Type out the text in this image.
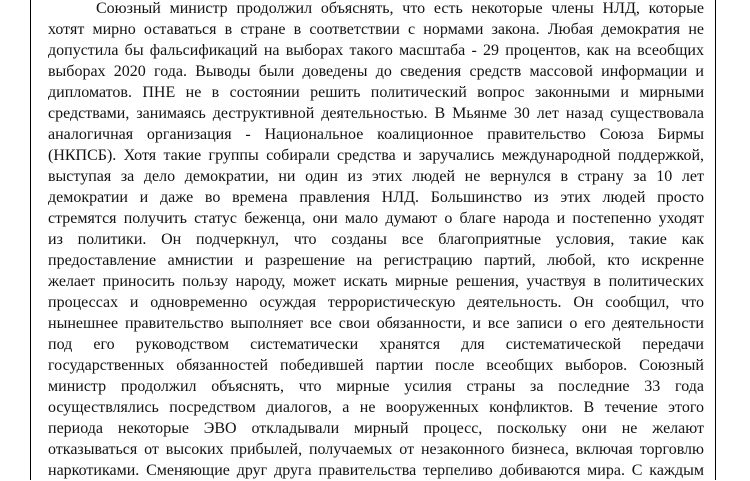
Союзный министр продолжил объяснять, что есть некоторые члены НЛД, которые
хотят мирно оставаться в стране в соответствии с нормами закона. Любая демократия не
допустила бы фальсификаций на выборах такого масштаба - 29 процентов, как на всеобщих
выборах 2020 года. Выводы были доведены до сведения средств массовой информации и
дипломатов. ПНЕ не в состоянии решить политический вопрос законными и мирными
средствами, занимаясь деструктивной деятельностью. В Мьянме 30 лет назад существовала
аналогичная организация - Национальное коалиционное правительство Союза Бирмы
(НКПСБ). Хотя такие группы собирали средства и заручались международной поддержкой,
выступая за дело демократии, ни один из этих людей не вернулся в страну за 10 лет
демократии и даже во времена правления НЛД. Большинство из этих людей просто
стремятся получить статус беженца, они мало думают о благе народа и постепенно уходят
из политики. Он подчеркнул, что созданы все благоприятные условия, такие как
предоставление амнистии и разрешение на регистрацию партий, любой, кто искренне
желает приносить пользу народу, может искать мирные решения, участвуя в политических
процессах и одновременно осуждая террористическую деятельность. Он сообщил, что
нынешнее правительство выполняет все свои обязанности, и все записи о его деятельности
под его руководством систематически хранятся для систематической передачи
государственных обязанностей победившей партии после всеобщих выборов. Союзный
министр продолжил объяснять, что мирные усилия страны за последние 33 года
осуществлялись посредством диалогов, а не вооруженных конфликтов. В течение этого
периода некоторые ЭВО откладывали мирный процесс, поскольку они не желают
отказываться от высоких прибылей, получаемых от незаконного бизнеса, включая торговлю
наркотиками. Сменяющие друг друга правительства терпеливо добиваются мира. С каждым
